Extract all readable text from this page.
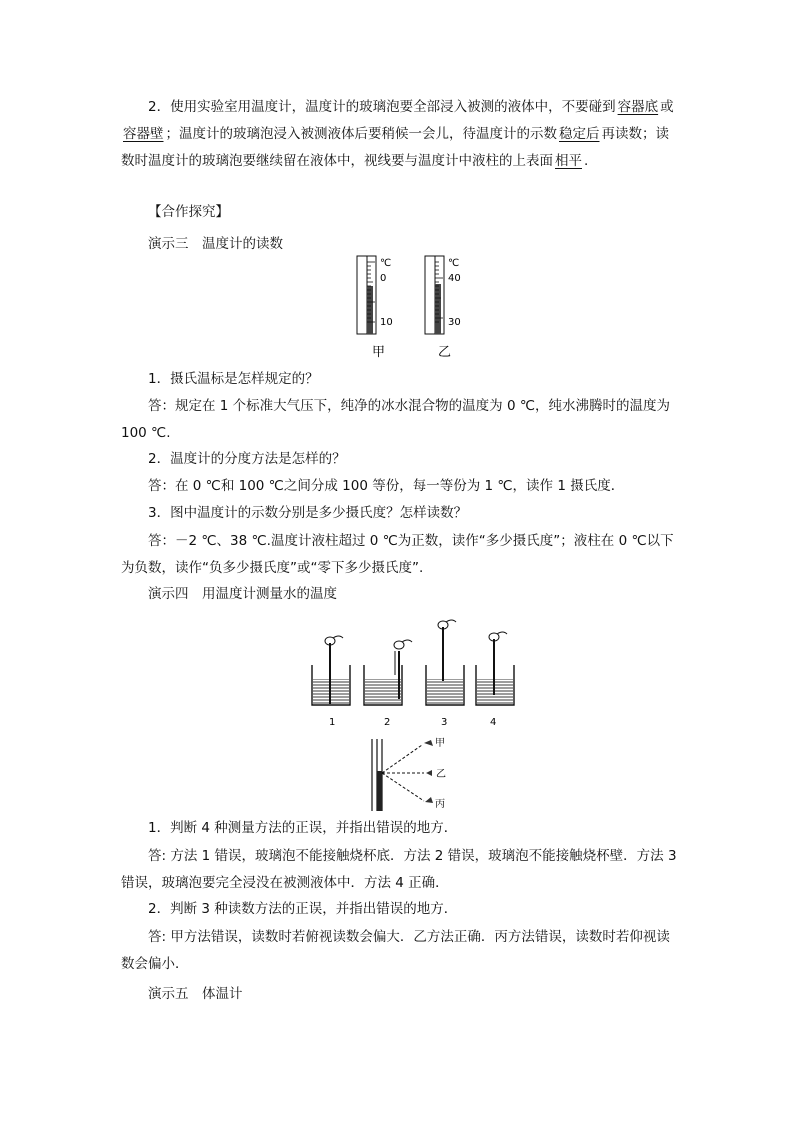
2．使用实验室用温度计，温度计的玻璃泡要全部浸入被测的液体中，不要碰到 容器底 或容器壁 ；温度计的玻璃泡浸入被测液体后要稍候一会儿，待温度计的示数 稳定后 再读数；读数时温度计的玻璃泡要继续留在液体中，视线要与温度计中液柱的上表面 相平 .
【合作探究】
演示三　温度计的读数
℃
0
10
甲
℃
40
30
乙
1．摄氏温标是怎样规定的？
答：规定在 1 个标准大气压下，纯净的冰水混合物的温度为 0 ℃，纯水沸腾时的温度为 100 ℃.
2．温度计的分度方法是怎样的？
答：在 0 ℃和 100 ℃之间分成 100 等份，每一等份为 1 ℃，读作 1 摄氏度．
3．图中温度计的示数分别是多少摄氏度？怎样读数？
答：－2 ℃、38 ℃.温度计液柱超过 0 ℃为正数，读作“多少摄氏度”；液柱在 0 ℃以下为负数，读作“负多少摄氏度”或“零下多少摄氏度”.
演示四　用温度计测量水的温度
1	2	3	4
甲
乙
丙
1．判断 4 种测量方法的正误，并指出错误的地方．
答: 方法 1 错误，玻璃泡不能接触烧杯底．方法 2 错误，玻璃泡不能接触烧杯壁．方法 3 错误，玻璃泡要完全浸没在被测液体中．方法 4 正确．
2．判断 3 种读数方法的正误，并指出错误的地方．
答: 甲方法错误，读数时若俯视读数会偏大．乙方法正确．丙方法错误，读数时若仰视读数会偏小．
演示五　体温计
